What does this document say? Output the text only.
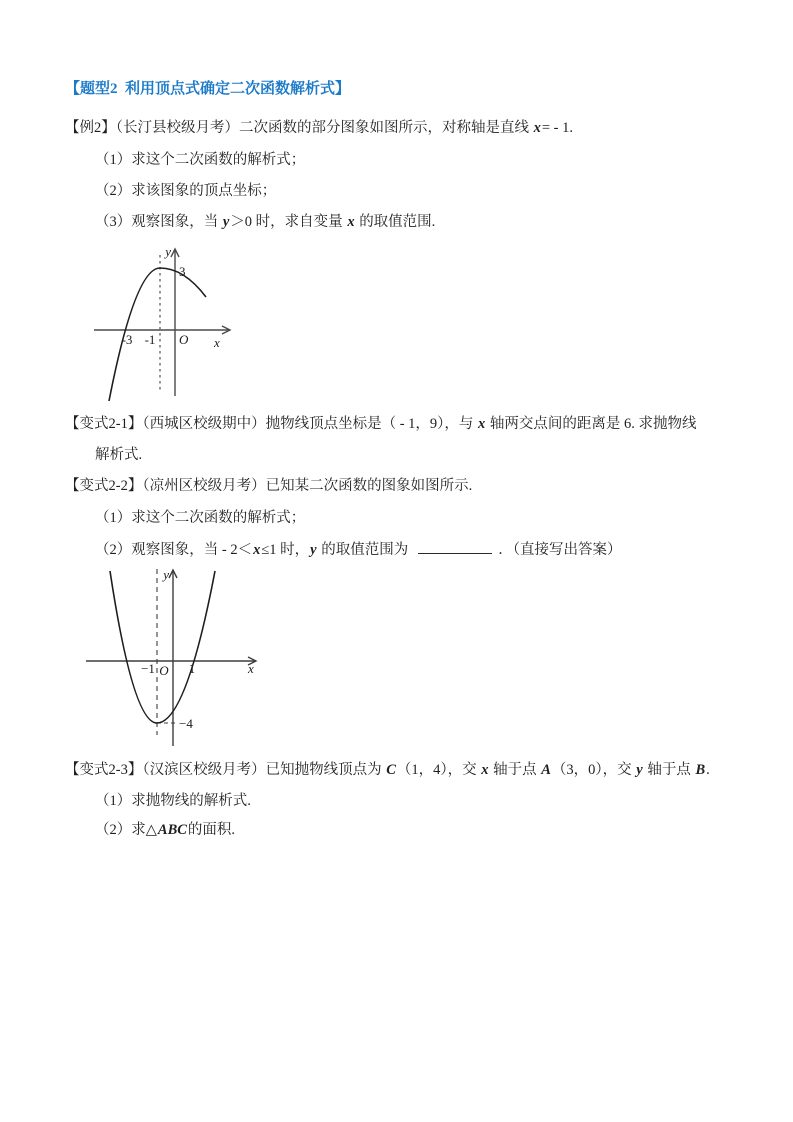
【题型2  利用顶点式确定二次函数解析式】
【例2】（长汀县校级月考）二次函数的部分图象如图所示，对称轴是直线 x= - 1.
（1）求这个二次函数的解析式；
（2）求该图象的顶点坐标；
（3）观察图象，当 y＞0 时，求自变量 x 的取值范围.
y
3
-3 -1 O x
【变式2-1】（西城区校级期中）抛物线顶点坐标是（ - 1，9），与 x 轴两交点间的距离是 6. 求抛物线
解析式.
【变式2-2】（凉州区校级月考）已知某二次函数的图象如图所示.
（1）求这个二次函数的解析式；
（2）观察图象，当 - 2＜x≤1 时，y 的取值范围为	．（直接写出答案）
y
−1 O 1	x
−4
【变式2-3】（汉滨区校级月考）已知抛物线顶点为 C（1，4），交 x 轴于点 A（3，0），交 y 轴于点 B.
（1）求抛物线的解析式.
（2）求△ABC的面积.
